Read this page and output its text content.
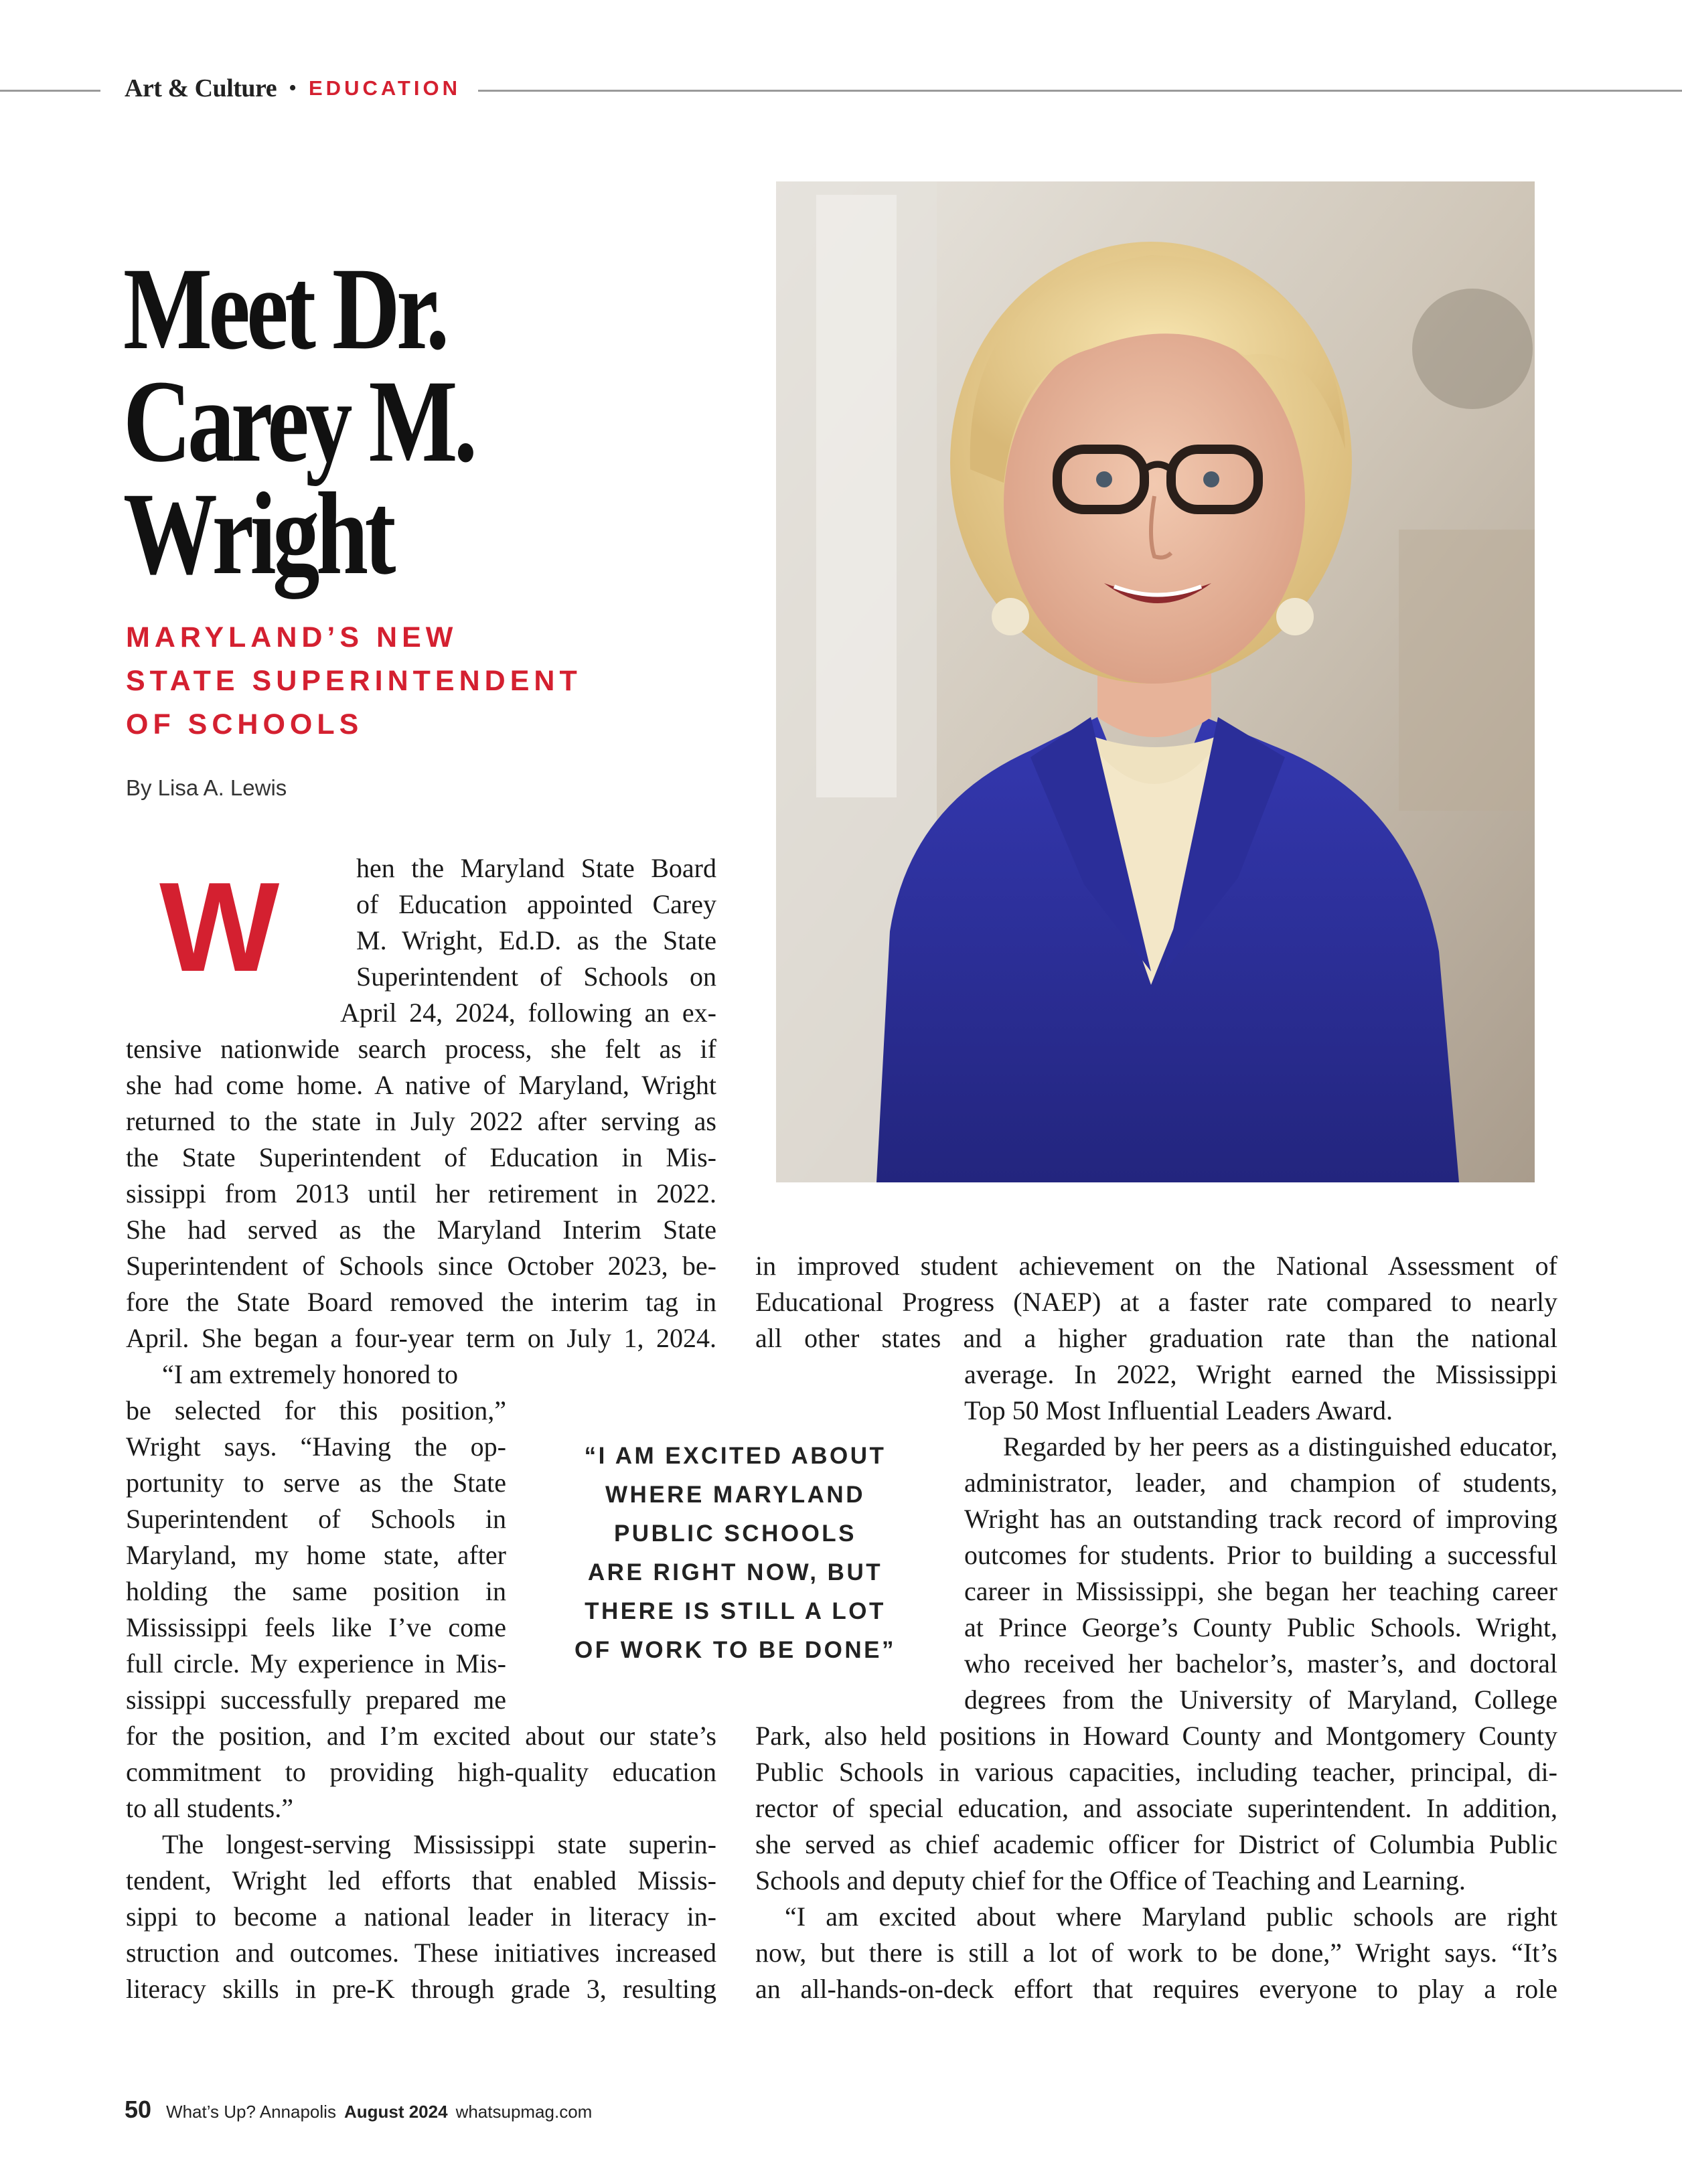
Art & Culture • EDUCATION
Meet Dr.
Carey M.
Wright
MARYLAND’S NEW
STATE SUPERINTENDENT
OF SCHOOLS
By Lisa A. Lewis
W	hen the Maryland State Board
of Education appointed Carey
M. Wright, Ed.D. as the State
Superintendent of Schools on
April 24, 2024, following an ex-
tensive nationwide search process, she felt as if
she had come home. A native of Maryland, Wright
returned to the state in July 2022 after serving as
the State Superintendent of Education in Mis-
sissippi from 2013 until her retirement in 2022.
She had served as the Maryland Interim State
Superintendent of Schools since October 2023, be-
fore the State Board removed the interim tag in
April. She began a four-year term on July 1, 2024.
“I am extremely honored to
be selected for this position,”
Wright says. “Having the op-
portunity to serve as the State
Superintendent of Schools in
Maryland, my home state, after
holding the same position in
Mississippi feels like I’ve come
full circle. My experience in Mis-
sissippi successfully prepared me
for the position, and I’m excited about our state’s
commitment to providing high-quality education
to all students.”
The longest-serving Mississippi state superin-
tendent, Wright led efforts that enabled Missis-
sippi to become a national leader in literacy in-
struction and outcomes. These initiatives increased
literacy skills in pre-K through grade 3, resulting
“I AM EXCITED ABOUT
WHERE MARYLAND
PUBLIC SCHOOLS
ARE RIGHT NOW, BUT
THERE IS STILL A LOT
OF WORK TO BE DONE”
in improved student achievement on the National Assessment of
Educational Progress (NAEP) at a faster rate compared to nearly
all other states and a higher graduation rate than the national
average. In 2022, Wright earned the Mississippi
Top 50 Most Influential Leaders Award.
Regarded by her peers as a distinguished educator,
administrator, leader, and champion of students,
Wright has an outstanding track record of improving
outcomes for students. Prior to building a successful
career in Mississippi, she began her teaching career
at Prince George’s County Public Schools. Wright,
who received her bachelor’s, master’s, and doctoral
degrees from the University of Maryland, College
Park, also held positions in Howard County and Montgomery County
Public Schools in various capacities, including teacher, principal, di-
rector of special education, and associate superintendent. In addition,
she served as chief academic officer for District of Columbia Public
Schools and deputy chief for the Office of Teaching and Learning.
“I am excited about where Maryland public schools are right
now, but there is still a lot of work to be done,” Wright says. “It’s
an all-hands-on-deck effort that requires everyone to play a role
50 What’s Up? Annapolis August 2024 whatsupmag.com
